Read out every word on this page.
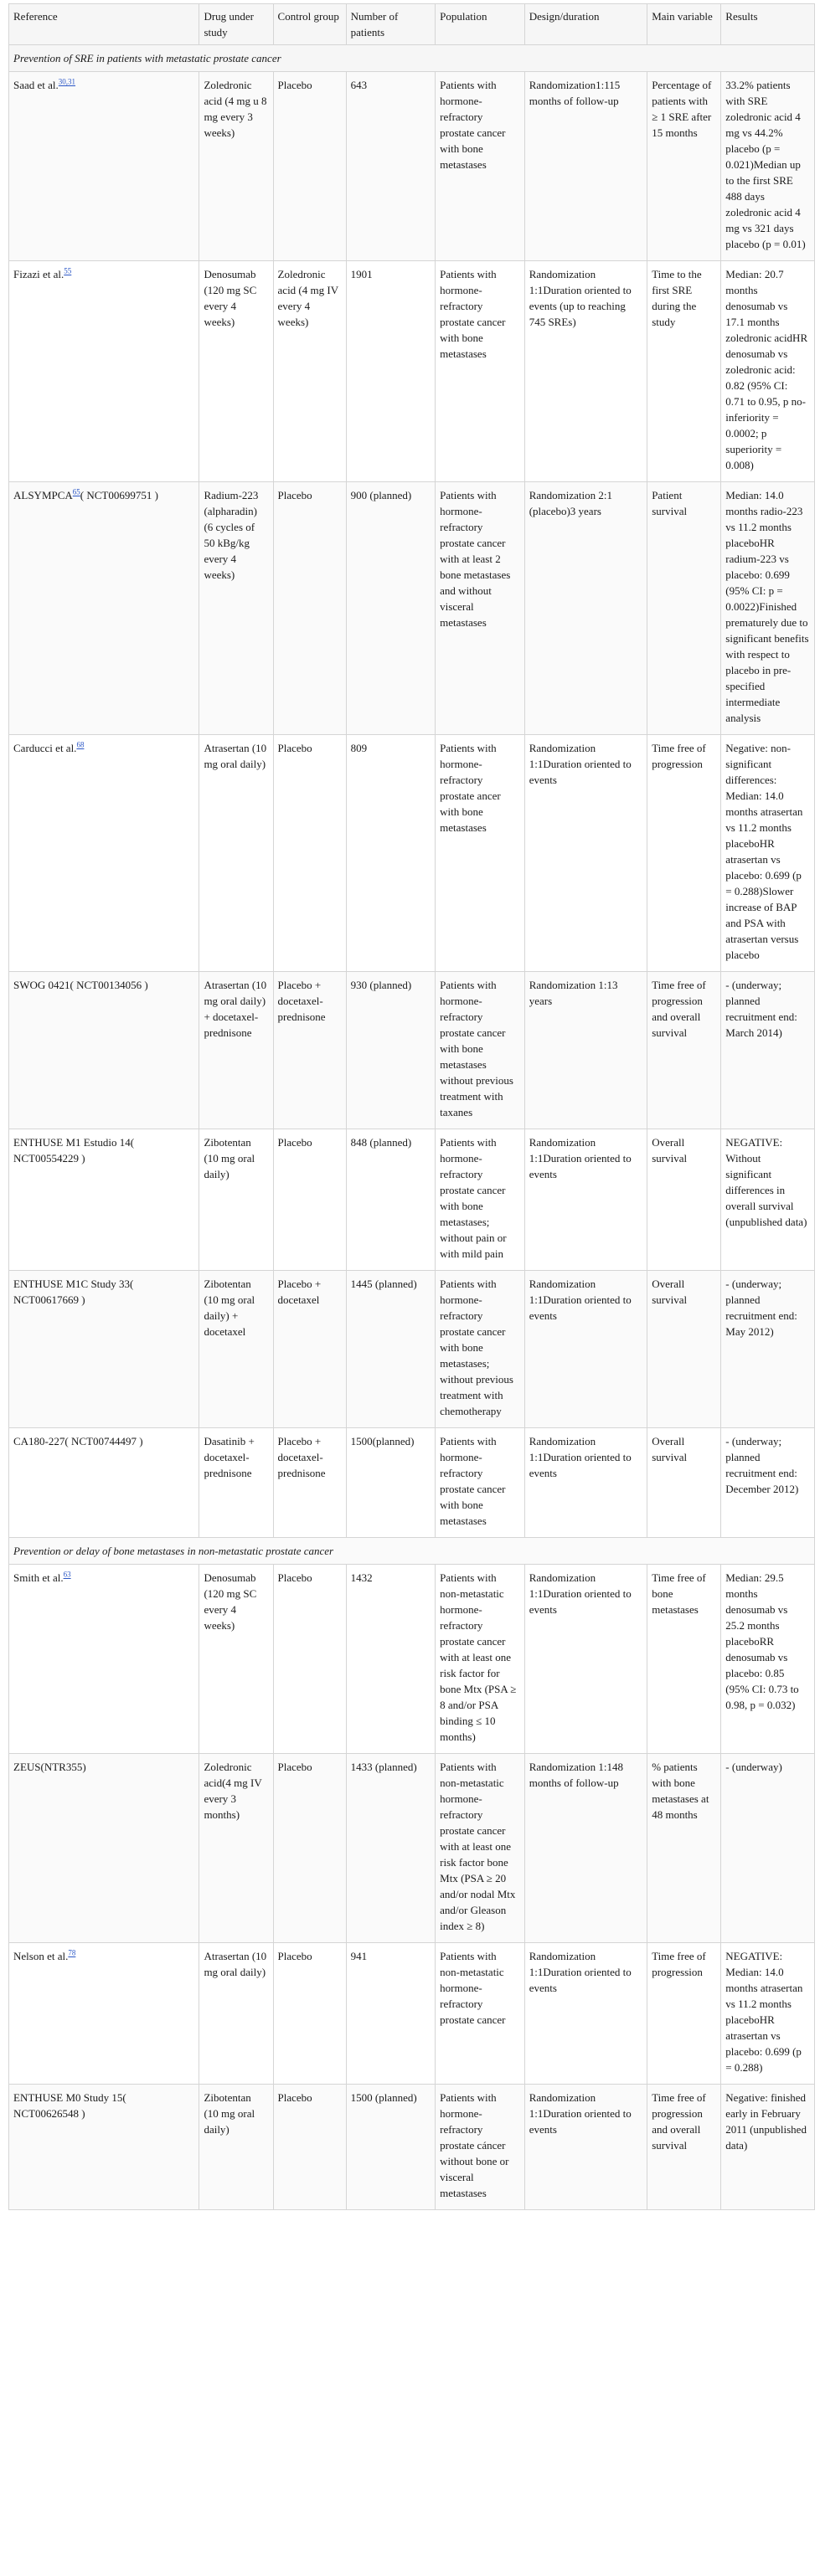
Reference	Drug under study	Control group	Number of patients	Population	Design/duration	Main variable	Results
Prevention of SRE in patients with metastatic prostate cancer							
Saad et al.$^{30,31}$	Zoledronic acid (4 mg u 8 mg every 3 weeks)	Placebo	643	Patients with hormone-refractory prostate cancer with bone metastases	Randomization1:115 months of follow-up	Percentage of patients with ≥ 1 SRE after 15 months	33.2% patients with SRE zoledronic acid 4 mg vs 44.2% placebo (p = 0.021)Median up to the first SRE 488 days zoledronic acid 4 mg vs 321 days placebo (p = 0.01)
Fizazi et al.$^{55}$	Denosumab (120 mg SC every 4 weeks)	Zoledronic acid (4 mg IV every 4 weeks)	1901	Patients with hormone-refractory prostate cancer with bone metastases	Randomization 1:1Duration oriented to events (up to reaching 745 SREs)	Time to the first SRE during the study	Median: 20.7 months denosumab vs 17.1 months zoledronic acidHR denosumab vs zoledronic acid: 0.82 (95% CI: 0.71 to 0.95, p no-inferiority = 0.0002; p superiority = 0.008)
ALSYMPCA$^{65}$( NCT00699751 )	Radium-223 (alpharadin) (6 cycles of 50 kBg/kg every 4 weeks)	Placebo	900 (planned)	Patients with hormone-refractory prostate cancer with at least 2 bone metastases and without visceral metastases	Randomization 2:1 (placebo)3 years	Patient survival	Median: 14.0 months radio-223 vs 11.2 months placeboHR radium-223 vs placebo: 0.699 (95% CI: p = 0.0022)Finished prematurely due to significant benefits with respect to placebo in pre-specified intermediate analysis
Carducci et al.$^{68}$	Atrasertan (10 mg oral daily)	Placebo	809	Patients with hormone-refractory prostate ancer with bone metastases	Randomization 1:1Duration oriented to events	Time free of progression	Negative: non-significant differences: Median: 14.0 months atrasertan vs 11.2 months placeboHR atrasertan vs placebo: 0.699 (p = 0.288)Slower increase of BAP and PSA with atrasertan versus placebo
SWOG 0421( NCT00134056 )	Atrasertan (10 mg oral daily) + docetaxel-prednisone	Placebo + docetaxel-prednisone	930 (planned)	Patients with hormone-refractory prostate cancer with bone metastases without previous treatment with taxanes	Randomization 1:13 years	Time free of progression and overall survival	- (underway; planned recruitment end: March 2014)
ENTHUSE M1 Estudio 14( NCT00554229 )	Zibotentan (10 mg oral daily)	Placebo	848 (planned)	Patients with hormone-refractory prostate cancer with bone metastases; without pain or with mild pain	Randomization 1:1Duration oriented to events	Overall survival	NEGATIVE: Without significant differences in overall survival (unpublished data)
ENTHUSE M1C Study 33( NCT00617669 )	Zibotentan (10 mg oral daily) + docetaxel	Placebo + docetaxel	1445 (planned)	Patients with hormone-refractory prostate cancer with bone metastases; without previous treatment with chemotherapy	Randomization 1:1Duration oriented to events	Overall survival	- (underway; planned recruitment end: May 2012)
CA180-227( NCT00744497 )	Dasatinib + docetaxel-prednisone	Placebo + docetaxel-prednisone	1500(planned)	Patients with hormone-refractory prostate cancer with bone metastases	Randomization 1:1Duration oriented to events	Overall survival	- (underway; planned recruitment end: December 2012)
Prevention or delay of bone metastases in non-metastatic prostate cancer							
Smith et al.$^{63}$	Denosumab (120 mg SC every 4 weeks)	Placebo	1432	Patients with non-metastatic hormone-refractory prostate cancer with at least one risk factor for bone Mtx (PSA ≥ 8 and/or PSA binding ≤ 10 months)	Randomization 1:1Duration oriented to events	Time free of bone metastases	Median: 29.5 months denosumab vs 25.2 months placeboRR denosumab vs placebo: 0.85 (95% CI: 0.73 to 0.98, p = 0.032)
ZEUS(NTR355)	Zoledronic acid(4 mg IV every 3 months)	Placebo	1433 (planned)	Patients with non-metastatic hormone-refractory prostate cancer with at least one risk factor bone Mtx (PSA ≥ 20 and/or nodal Mtx and/or Gleason index ≥ 8)	Randomization 1:148 months of follow-up	% patients with bone metastases at 48 months	- (underway)
Nelson et al.$^{78}$	Atrasertan (10 mg oral daily)	Placebo	941	Patients with non-metastatic hormone-refractory prostate cancer	Randomization 1:1Duration oriented to events	Time free of progression	NEGATIVE: Median: 14.0 months atrasertan vs 11.2 months placeboHR atrasertan vs placebo: 0.699 (p = 0.288)
ENTHUSE M0 Study 15( NCT00626548 )	Zibotentan (10 mg oral daily)	Placebo	1500 (planned)	Patients with hormone-refractory prostate cáncer without bone or visceral metastases	Randomization 1:1Duration oriented to events	Time free of progression and overall survival	Negative: finished early in February 2011 (unpublished data)
